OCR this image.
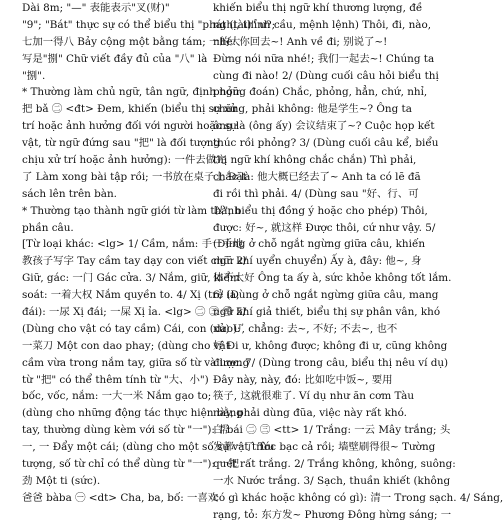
Dài 8m; "—" 表能表示"叉(财)"
"9"; "Bát" thực sự có thể biểu thị "phát (tài)" ư?;
七加一得八 Bảy cộng một bằng tám; 一的大
写是"捌" Chữ viết đầy đủ của "八" là
"捌".
* Thường làm chủ ngữ, tân ngữ, định ngữ.
把 bǎ ㊁ <đt> Đem, khiến (biểu thị sự xử
trí hoặc ảnh hưởng đối với người hoặc sự
vật, từ ngữ đứng sau "把" là đối tượng
chịu xử trí hoặc ảnh hưởng): 一件去做完
了 Làm xong bài tập rồi; 一书放在桌子上 Đặt
sách lên trên bàn.
* Thường tạo thành ngữ giới từ làm thành
phần câu.
[Từ loại khác: <lg> 1/ Cầm, nắm: 手一手地
教孩子写字 Tay cầm tay dạy con viết chữ. 2/
Giữ, gác: 一门 Gác cửa. 3/ Nắm, giữ, kiểm
soát: 一着大权 Nắm quyền to. 4/ Xị (trẻ ia,
đái): 一尿 Xị đái; 一屎 Xị ỉa. <lg> ㊁ ㊂ ㊃ 5/
(Dùng cho vật có tay cầm) Cái, con (dao):
一菜刀 Một con dao phay; (dùng cho vật
cầm vừa trong nắm tay, giữa số từ và lượng
từ "把" có thể thêm tính từ "大、小")
bốc, vốc, nắm: 一大一米 Nắm gạo to;
(dùng cho những động tác thực hiện bằng
tay, thường dùng kèm với số từ "一"): 帮
一, 一 Đẩy một cái; (dùng cho một số sự vật trừu
tượng, số từ chỉ có thể dùng từ "一"): 一把
劲 Một ti (sức).
爸爸 bàba ㊀ <dt> Cha, ba, bố: 一喜欢
khiến biểu thị ngữ khí thương lượng, đề
nghị, thỉnh cầu, mệnh lệnh) Thôi, đi, nào,
nhé: 你回去~! Anh về đi; 别说了~!
Đừng nói nữa nhé!; 我们一起去~! Chúng ta
cùng đi nào! 2/ (Dùng cuối câu hỏi biểu thị
phỏng đoán) Chắc, phỏng, hẳn, chứ, nhỉ,
chăng, phải không: 他是学生~? Ông ta
ông là (ông ấy) 会议结束了~? Cuộc họp kết
thúc rồi phỏng? 3/ (Dùng cuối câu kể, biểu
thị ngữ khí không chắc chắn) Thì phải,
chắc là: 他大概已经去了~ Anh ta có lẽ đã
đi rồi thì phải. 4/ (Dùng sau "好、行、可
以", biểu thị đồng ý hoặc cho phép) Thôi,
được: 好~, 就这样 Được thôi, cứ như vậy. 5/
(Dùng ở chỗ ngắt ngừng giữa câu, khiến
ngữ khí uyển chuyển) Ấy à, đây: 他~, 身
体不太好 Ông ta ấy à, sức khỏe không tốt lắm.
6/ (Dùng ở chỗ ngắt ngừng giữa câu, mang
ngữ khí giả thiết, biểu thị sự phân vân, khó
xử) Ư, chẳng: 去~, 不好; 不去~, 也不
好 Đi ư, không được; không đi ư, cũng không
được. 7/ (Dùng trong câu, biểu thị nêu ví dụ)
Đây này, này, đó: 比如吃中饭~, 要用
筷子, 这就很难了. Ví dụ như ăn cơm Tàu
này, phải dùng đũa, việc này rất khó.
白 bái ㊁ ㊂ <tt> 1/ Trắng: 一云 Mây trắng; 头
发都一了 Tóc bạc cả rồi; 墙壁刷得很~ Tường
quét rất trắng. 2/ Trắng không, không, suông:
一水 Nước trắng. 3/ Sạch, thuần khiết (không
có gì khác hoặc không có gì): 清一 Trong sạch. 4/ Sáng,
rạng, tỏ: 东方发~ Phương Đông hừng sáng; 一
